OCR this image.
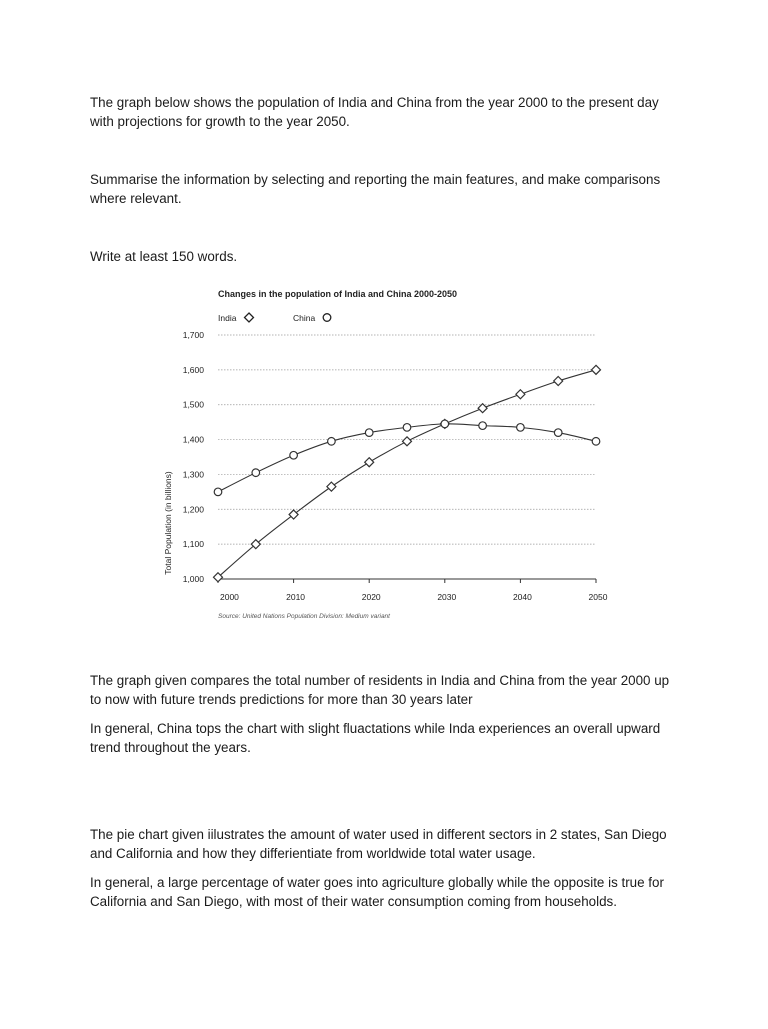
The graph below shows the population of India and China from the year 2000 to the present day with projections for growth to the year 2050.

Summarise the information by selecting and reporting the main features, and make comparisons where relevant.

Write at least 150 words.

Changes in the population of India and China 2000-2050
India	China
1,000
1,100
1,200
1,300
1,400
1,500
1,600
1,700
2000	2010	2020	2030	2040	2050
Total Population (in billions)
Source: United Nations Population Division: Medium variant

The graph given compares the total number of residents in India and China from the year 2000 up to now with future trends predictions for more than 30 years later

In general, China tops the chart with slight fluactations while Inda experiences an overall upward trend throughout the years.

The pie chart given iilustrates the amount of water used in different sectors in 2 states, San Diego and California and how they differientiate from worldwide total water usage.

In general, a large percentage of water goes into agriculture globally while the opposite is true for California and San Diego, with most of their water consumption coming from households.
